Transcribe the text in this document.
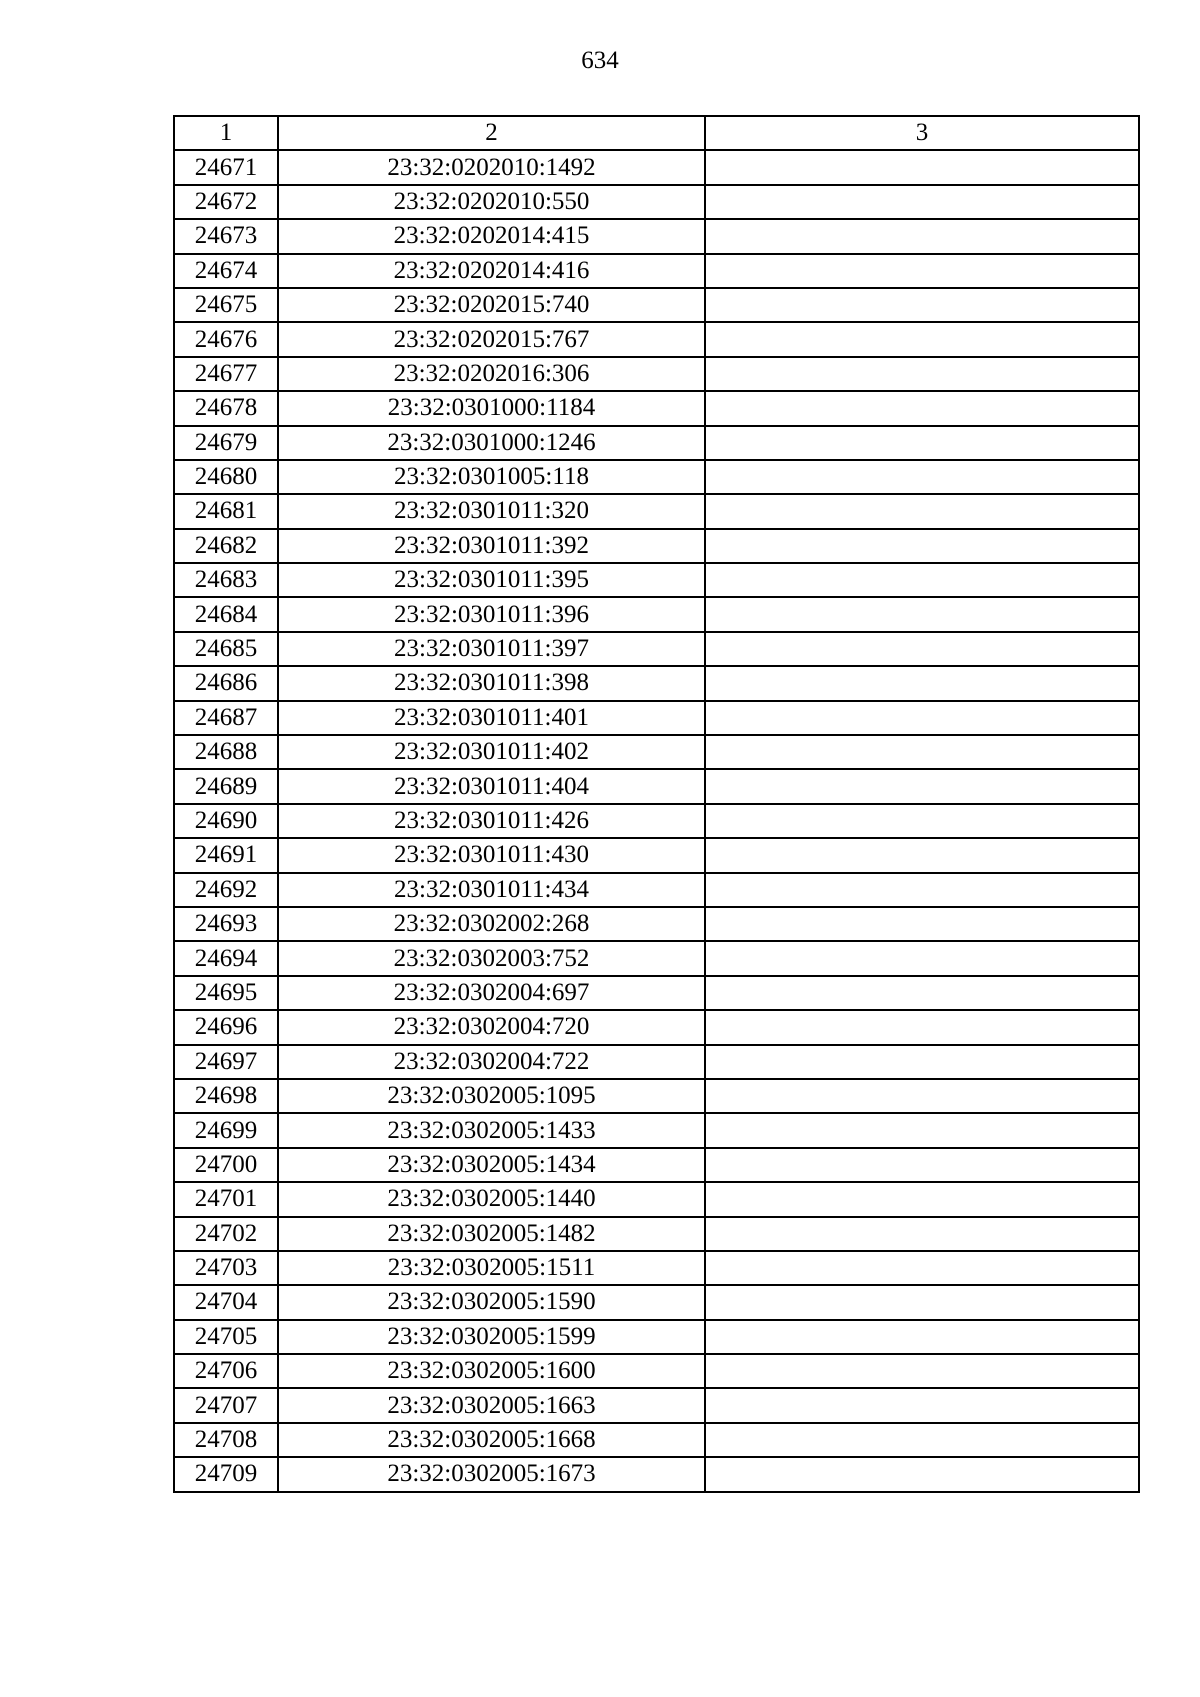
634
1	2	3
24671	23:32:0202010:1492	
24672	23:32:0202010:550	
24673	23:32:0202014:415	
24674	23:32:0202014:416	
24675	23:32:0202015:740	
24676	23:32:0202015:767	
24677	23:32:0202016:306	
24678	23:32:0301000:1184	
24679	23:32:0301000:1246	
24680	23:32:0301005:118	
24681	23:32:0301011:320	
24682	23:32:0301011:392	
24683	23:32:0301011:395	
24684	23:32:0301011:396	
24685	23:32:0301011:397	
24686	23:32:0301011:398	
24687	23:32:0301011:401	
24688	23:32:0301011:402	
24689	23:32:0301011:404	
24690	23:32:0301011:426	
24691	23:32:0301011:430	
24692	23:32:0301011:434	
24693	23:32:0302002:268	
24694	23:32:0302003:752	
24695	23:32:0302004:697	
24696	23:32:0302004:720	
24697	23:32:0302004:722	
24698	23:32:0302005:1095	
24699	23:32:0302005:1433	
24700	23:32:0302005:1434	
24701	23:32:0302005:1440	
24702	23:32:0302005:1482	
24703	23:32:0302005:1511	
24704	23:32:0302005:1590	
24705	23:32:0302005:1599	
24706	23:32:0302005:1600	
24707	23:32:0302005:1663	
24708	23:32:0302005:1668	
24709	23:32:0302005:1673	
